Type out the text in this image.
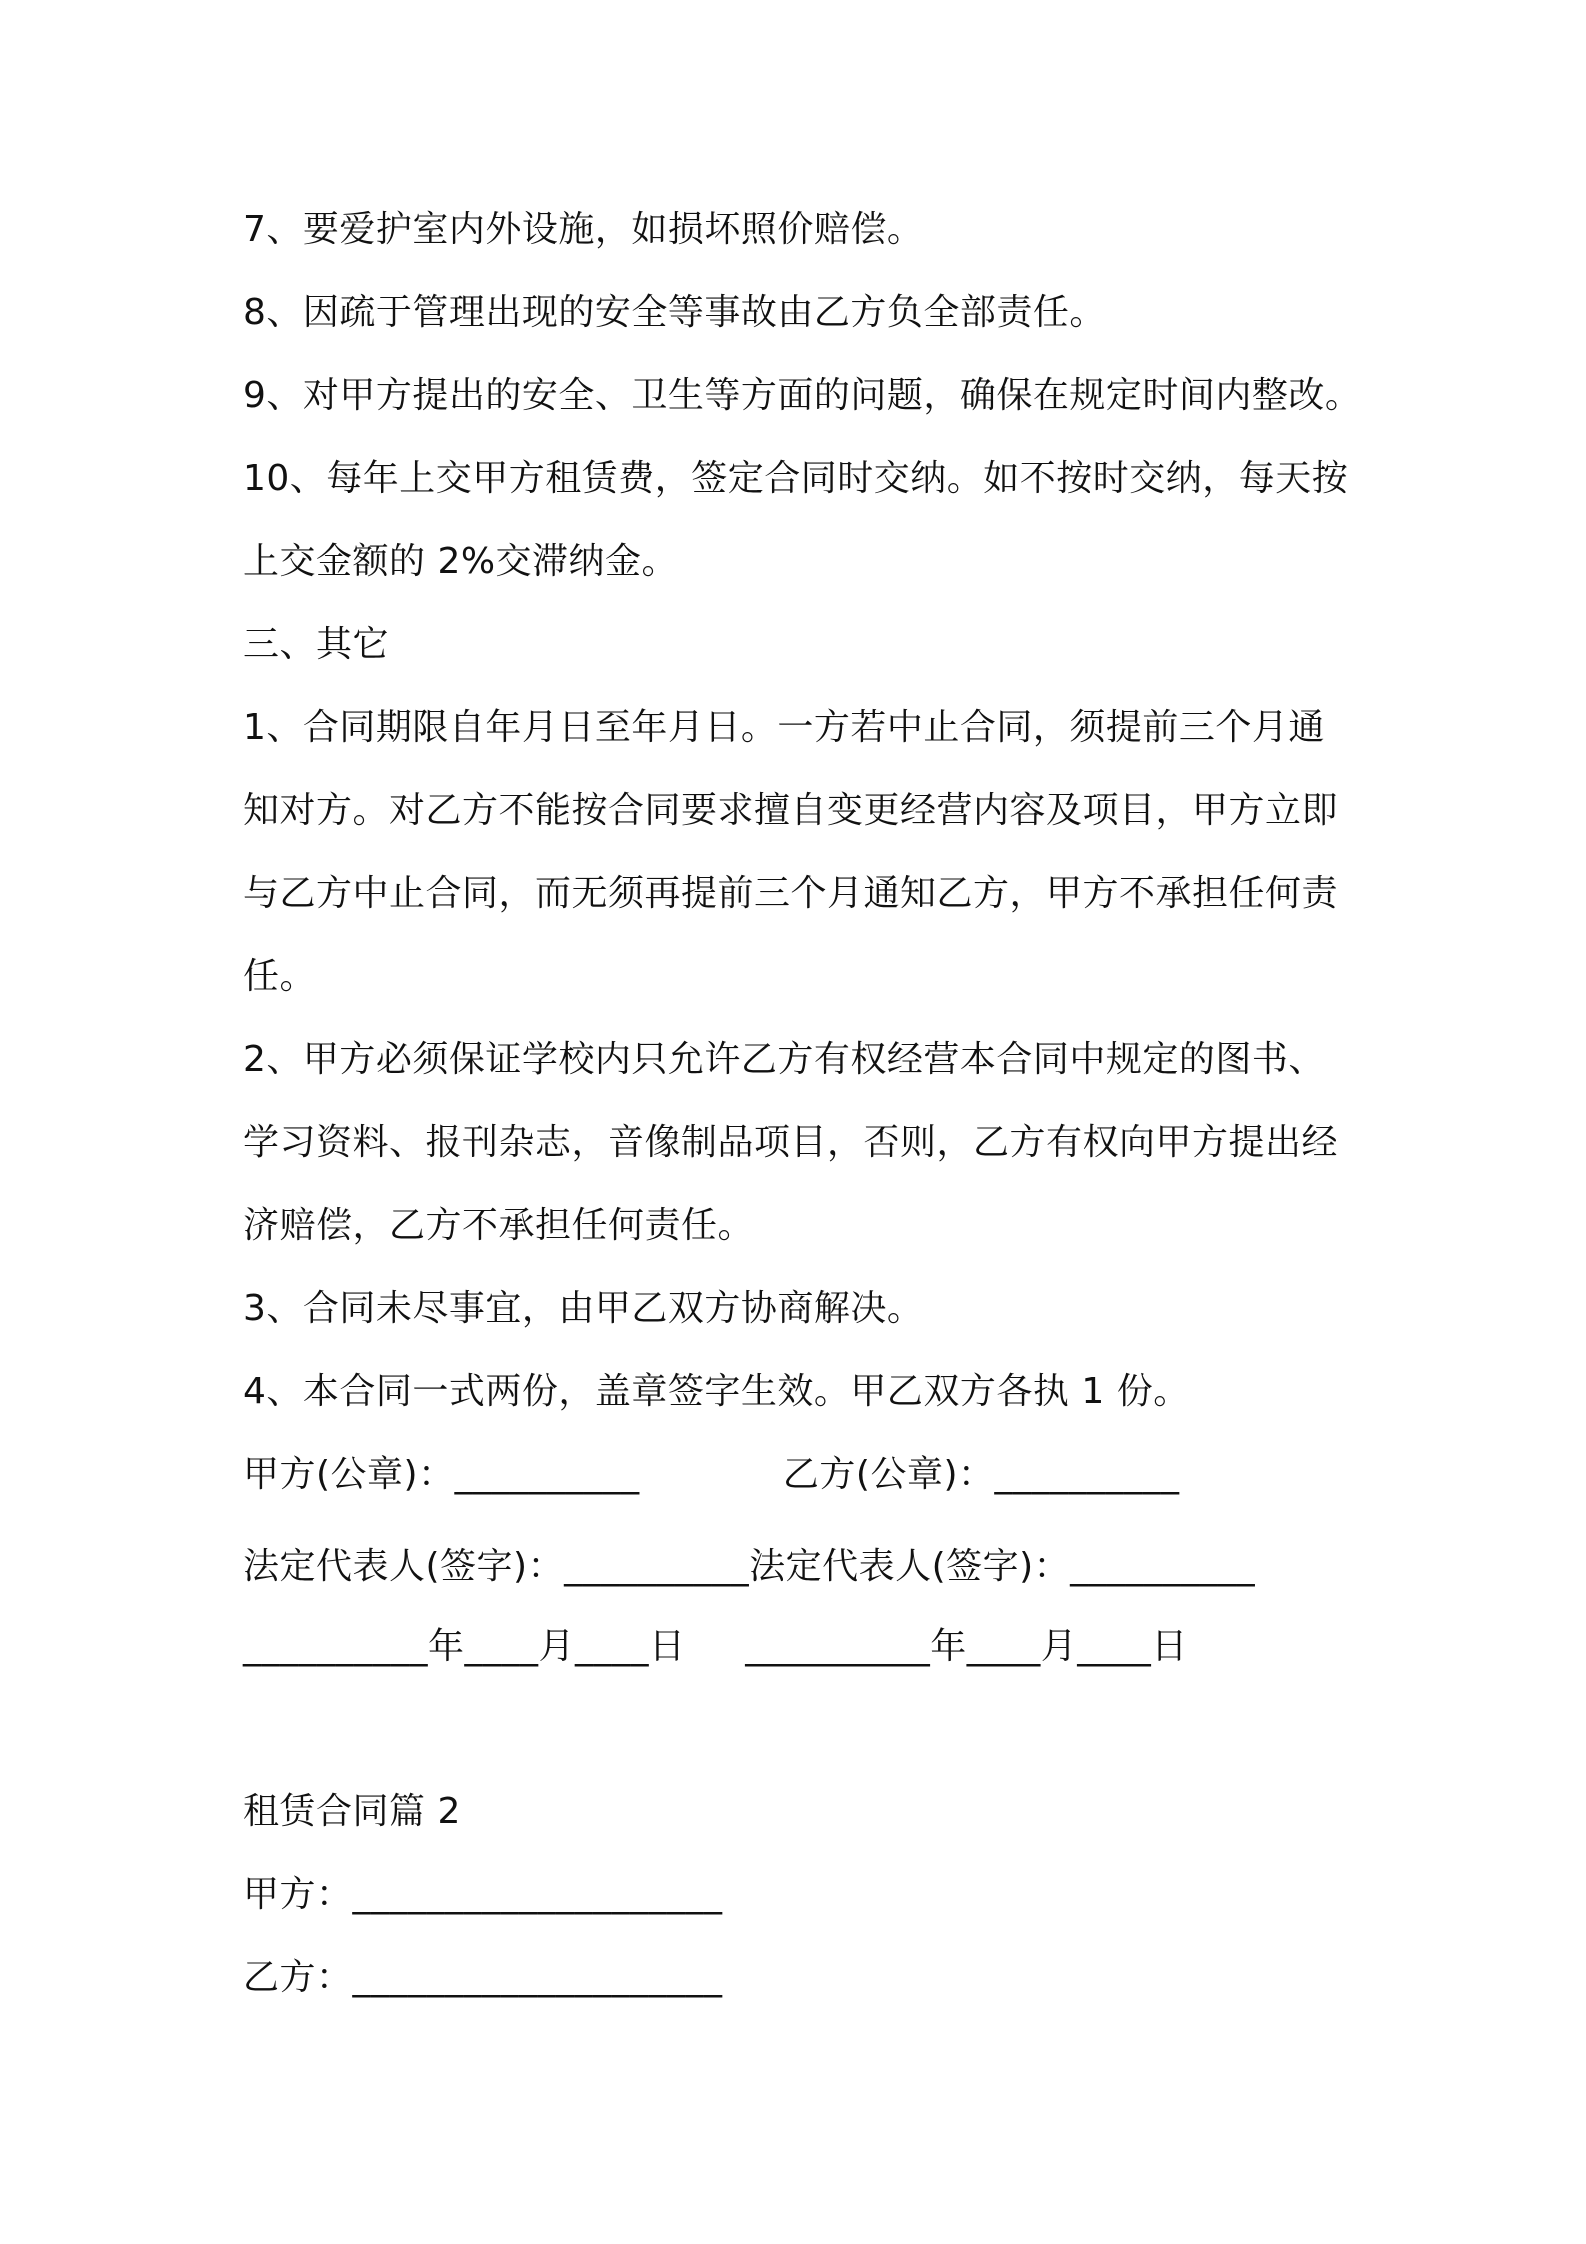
7、要爱护室内外设施，如损坏照价赔偿。
8、因疏于管理出现的安全等事故由乙方负全部责任。
9、对甲方提出的安全、卫生等方面的问题，确保在规定时间内整改。
10、每年上交甲方租赁费，签定合同时交纳。如不按时交纳，每天按
上交金额的 2%交滞纳金。
三、其它
1、合同期限自年月日至年月日。一方若中止合同，须提前三个月通
知对方。对乙方不能按合同要求擅自变更经营内容及项目，甲方立即
与乙方中止合同，而无须再提前三个月通知乙方，甲方不承担任何责
任。
2、甲方必须保证学校内只允许乙方有权经营本合同中规定的图书、
学习资料、报刊杂志，音像制品项目，否则，乙方有权向甲方提出经
济赔偿，乙方不承担任何责任。
3、合同未尽事宜，由甲乙双方协商解决。
4、本合同一式两份，盖章签字生效。甲乙双方各执 1 份。
甲方(公章)：__________            乙方(公章)：__________
法定代表人(签字)：__________法定代表人(签字)：__________
__________年____月____日     __________年____月____日
租赁合同篇 2
甲方：____________________
乙方：____________________
